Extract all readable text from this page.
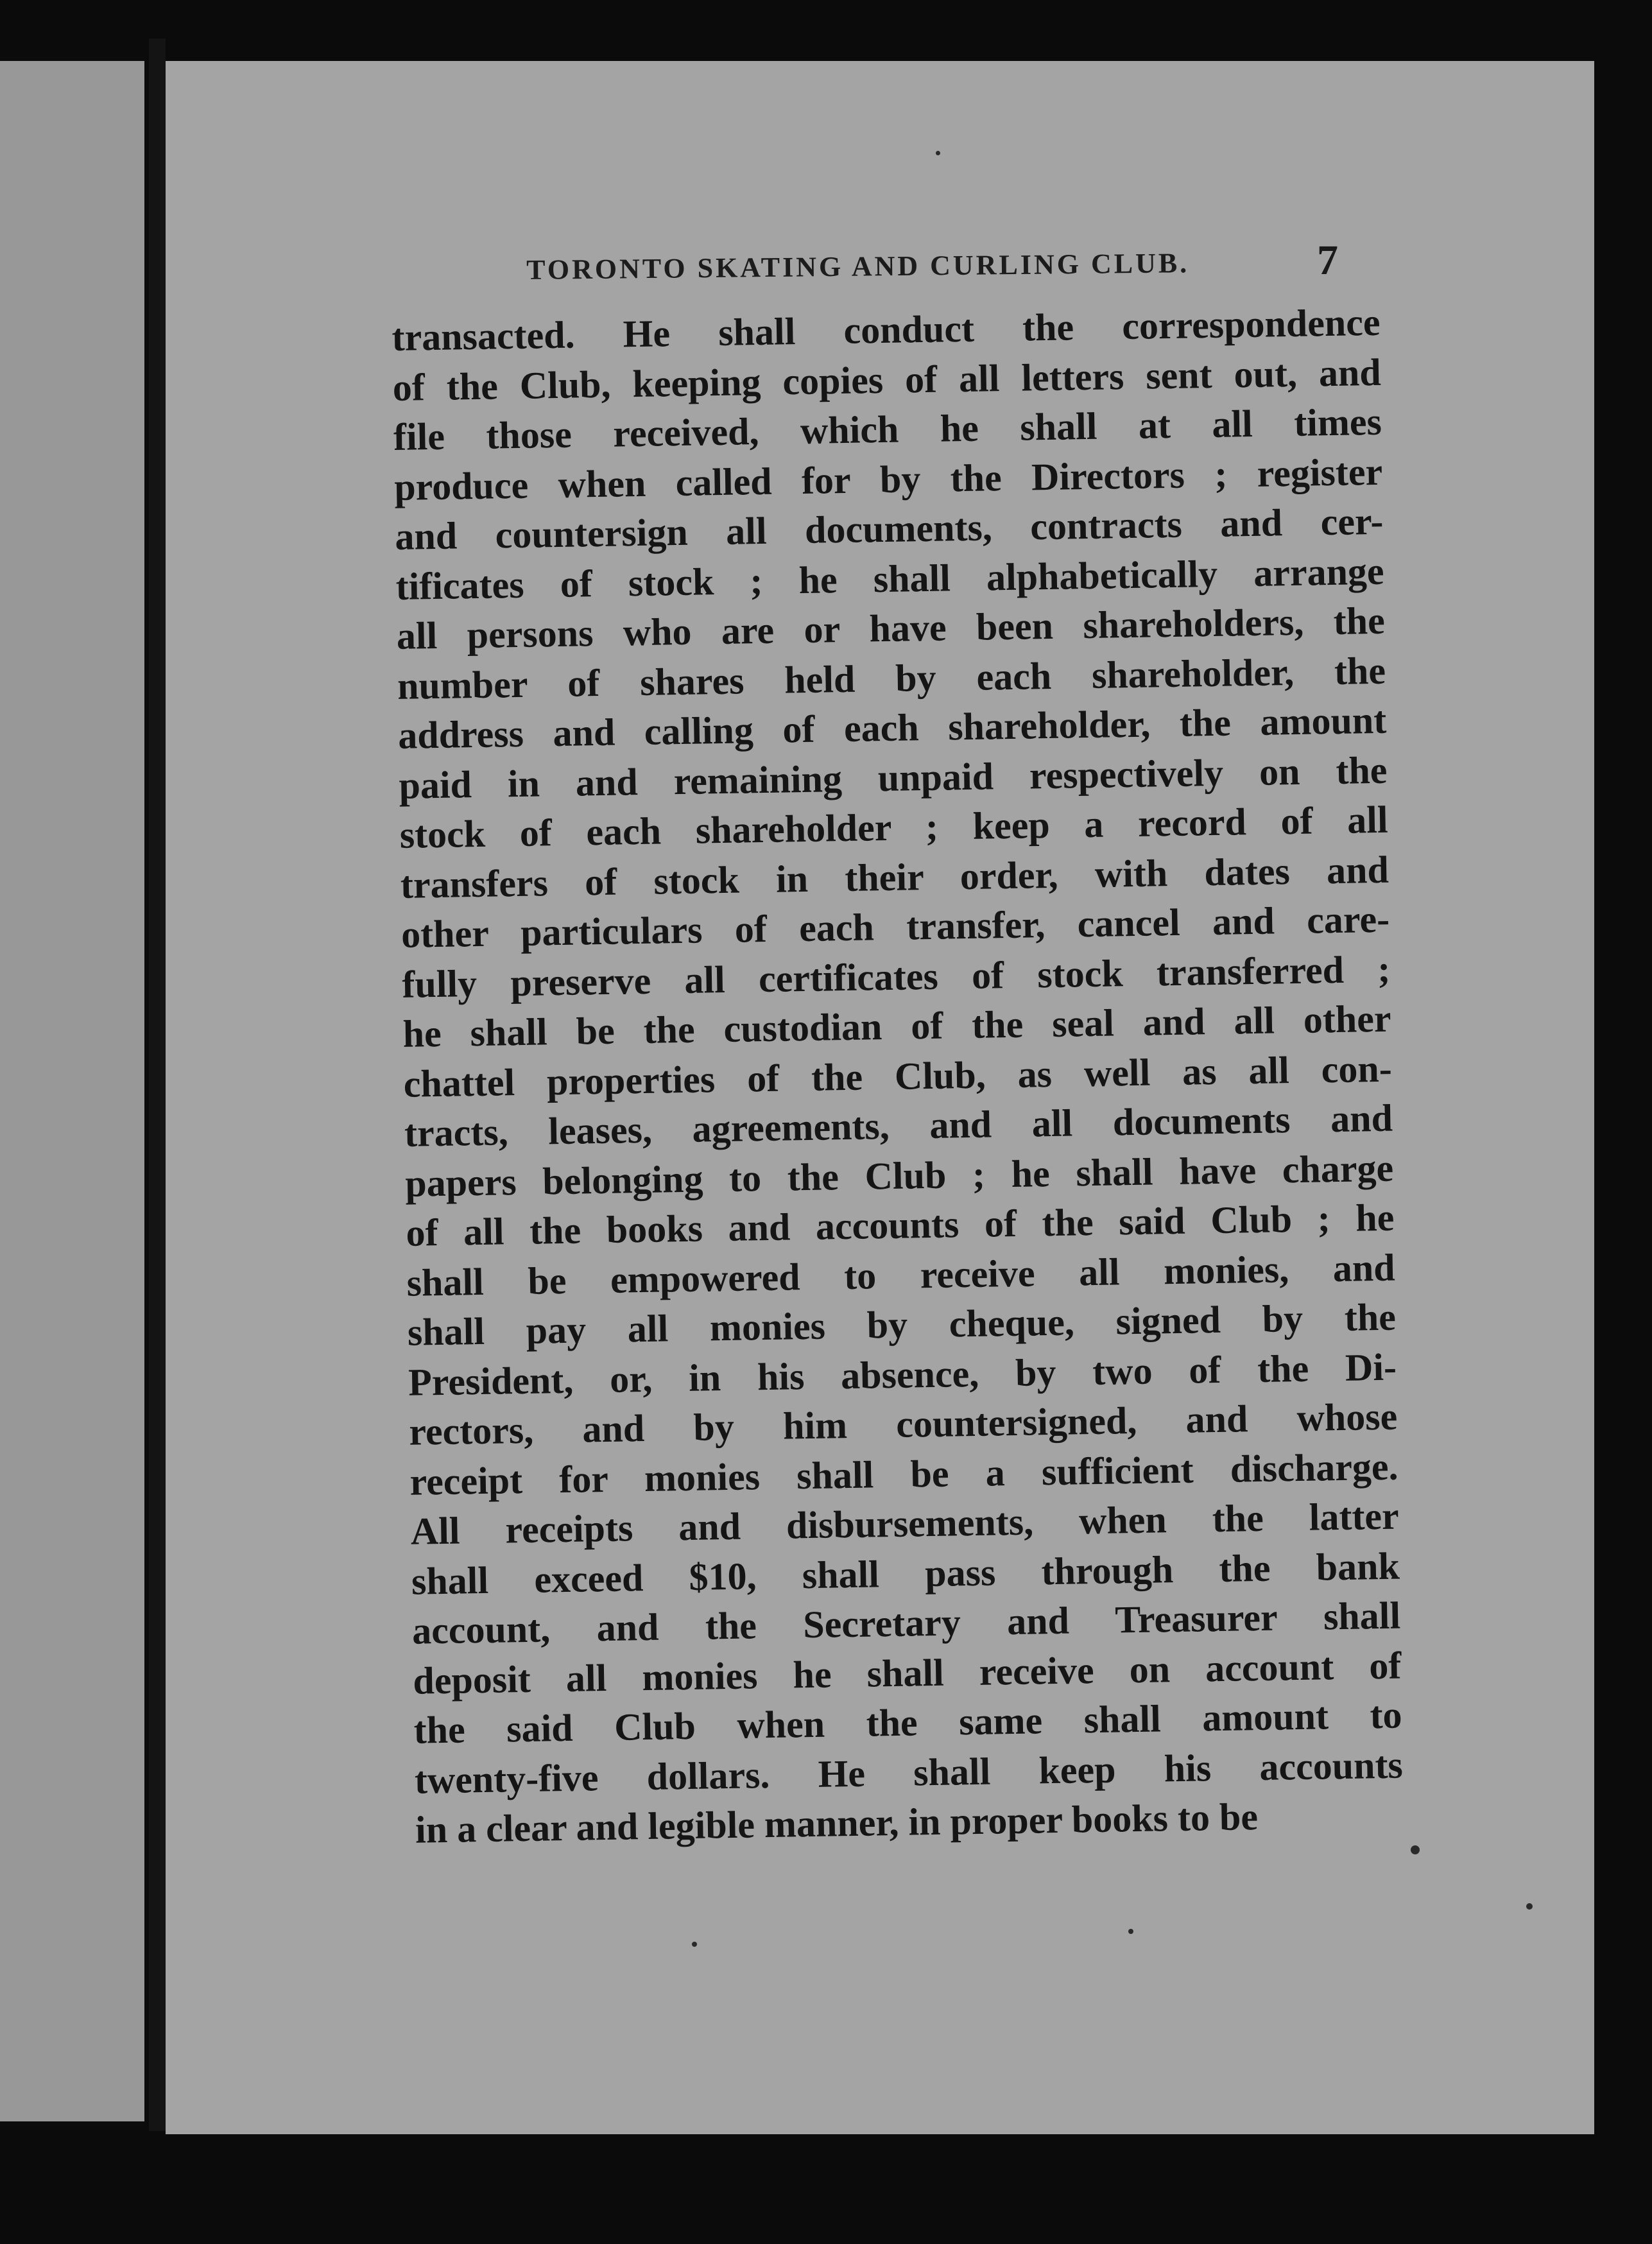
TORONTO SKATING AND CURLING CLUB.	7
transacted. He shall conduct the correspondence
of the Club, keeping copies of all letters sent out, and
file those received, which he shall at all times
produce when called for by the Directors ; register
and countersign all documents, contracts and cer-
tificates of stock ; he shall alphabetically arrange
all persons who are or have been shareholders, the
number of shares held by each shareholder, the
address and calling of each shareholder, the amount
paid in and remaining unpaid respectively on the
stock of each shareholder ; keep a record of all
transfers of stock in their order, with dates and
other particulars of each transfer, cancel and care-
fully preserve all certificates of stock transferred ;
he shall be the custodian of the seal and all other
chattel properties of the Club, as well as all con-
tracts, leases, agreements, and all documents and
papers belonging to the Club ; he shall have charge
of all the books and accounts of the said Club ; he
shall be empowered to receive all monies, and
shall pay all monies by cheque, signed by the
President, or, in his absence, by two of the Di-
rectors, and by him countersigned, and whose
receipt for monies shall be a sufficient discharge.
All receipts and disbursements, when the latter
shall exceed $10, shall pass through the bank
account, and the Secretary and Treasurer shall
deposit all monies he shall receive on account of
the said Club when the same shall amount to
twenty-five dollars. He shall keep his accounts
in a clear and legible manner, in proper books to be
